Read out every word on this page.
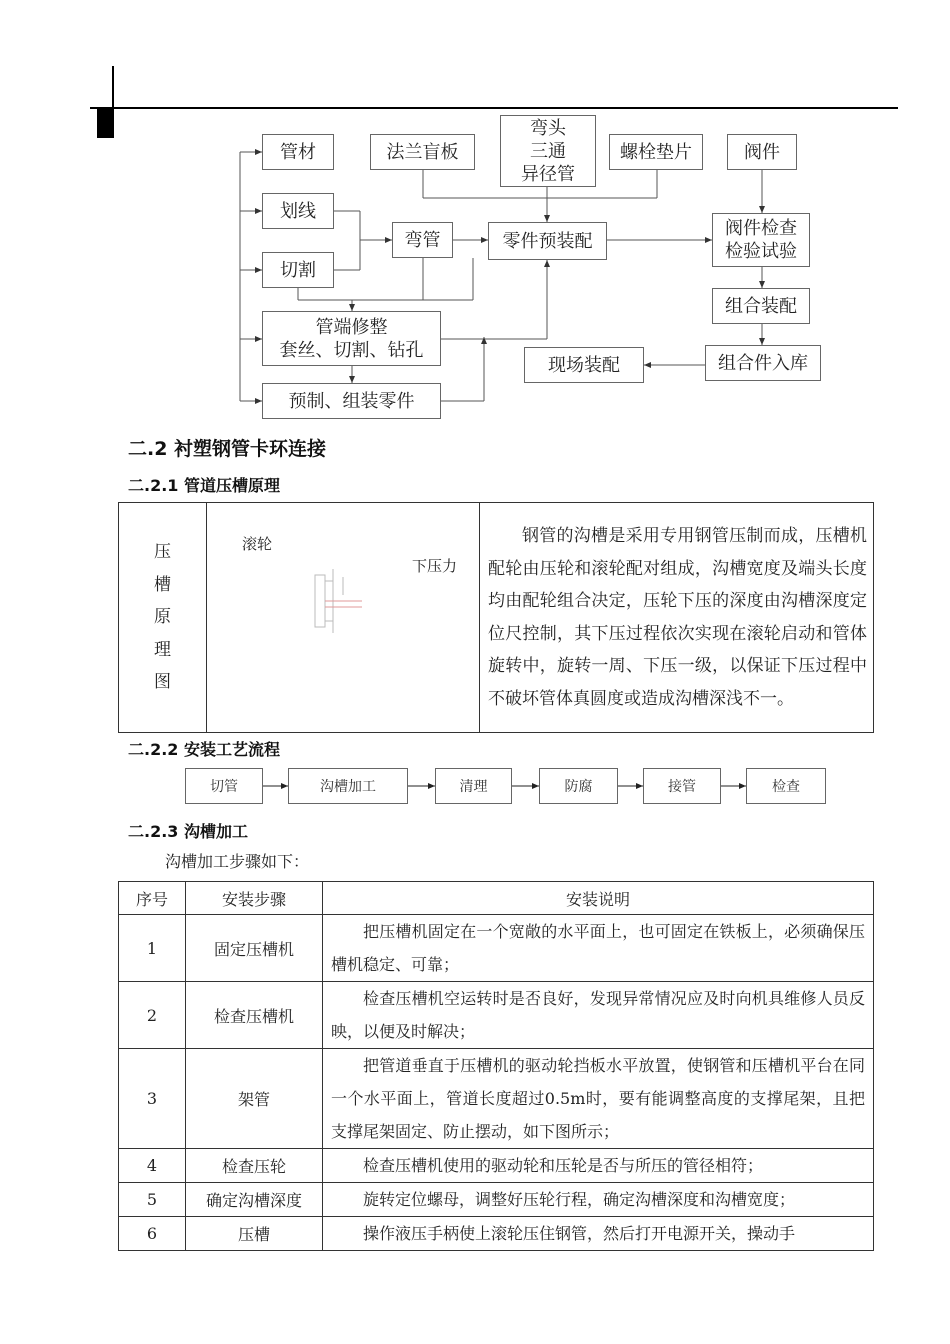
管材	法兰盲板
弯头
三通
异径管
螺栓垫片	阀件
划线
切割
弯管	零件预装配
阀件检查
检验试验
组合装配
管端修整
套丝、切割、钻孔
现场装配	组合件入库
预制、组装零件
二.2 衬塑钢管卡环连接
二.2.1 管道压槽原理
压
槽
原
理
图

滚轮
下压力
	钢管的沟槽是采用专用钢管压制而成，压槽机配轮由压轮和滚轮配对组成，沟槽宽度及端头长度均由配轮组合决定，压轮下压的深度由沟槽深度定位尺控制，其下压过程依次实现在滚轮启动和管体旋转中，旋转一周、下压一级，以保证下压过程中不破坏管体真圆度或造成沟槽深浅不一。
二.2.2 安装工艺流程
切管	沟槽加工	清理	防腐	接管	检查
二.2.3 沟槽加工
沟槽加工步骤如下：
序号	安装步骤	安装说明
1	固定压槽机	把压槽机固定在一个宽敞的水平面上，也可固定在铁板上，必须确保压槽机稳定、可靠；
2	检查压槽机	检查压槽机空运转时是否良好，发现异常情况应及时向机具维修人员反映，以便及时解决；
3	架管	把管道垂直于压槽机的驱动轮挡板水平放置，使钢管和压槽机平台在同一个水平面上，管道长度超过0.5m时，要有能调整高度的支撑尾架，且把支撑尾架固定、防止摆动，如下图所示；
4	检查压轮	检查压槽机使用的驱动轮和压轮是否与所压的管径相符；
5	确定沟槽深度	旋转定位螺母，调整好压轮行程，确定沟槽深度和沟槽宽度；
6	压槽	操作液压手柄使上滚轮压住钢管，然后打开电源开关，操动手
